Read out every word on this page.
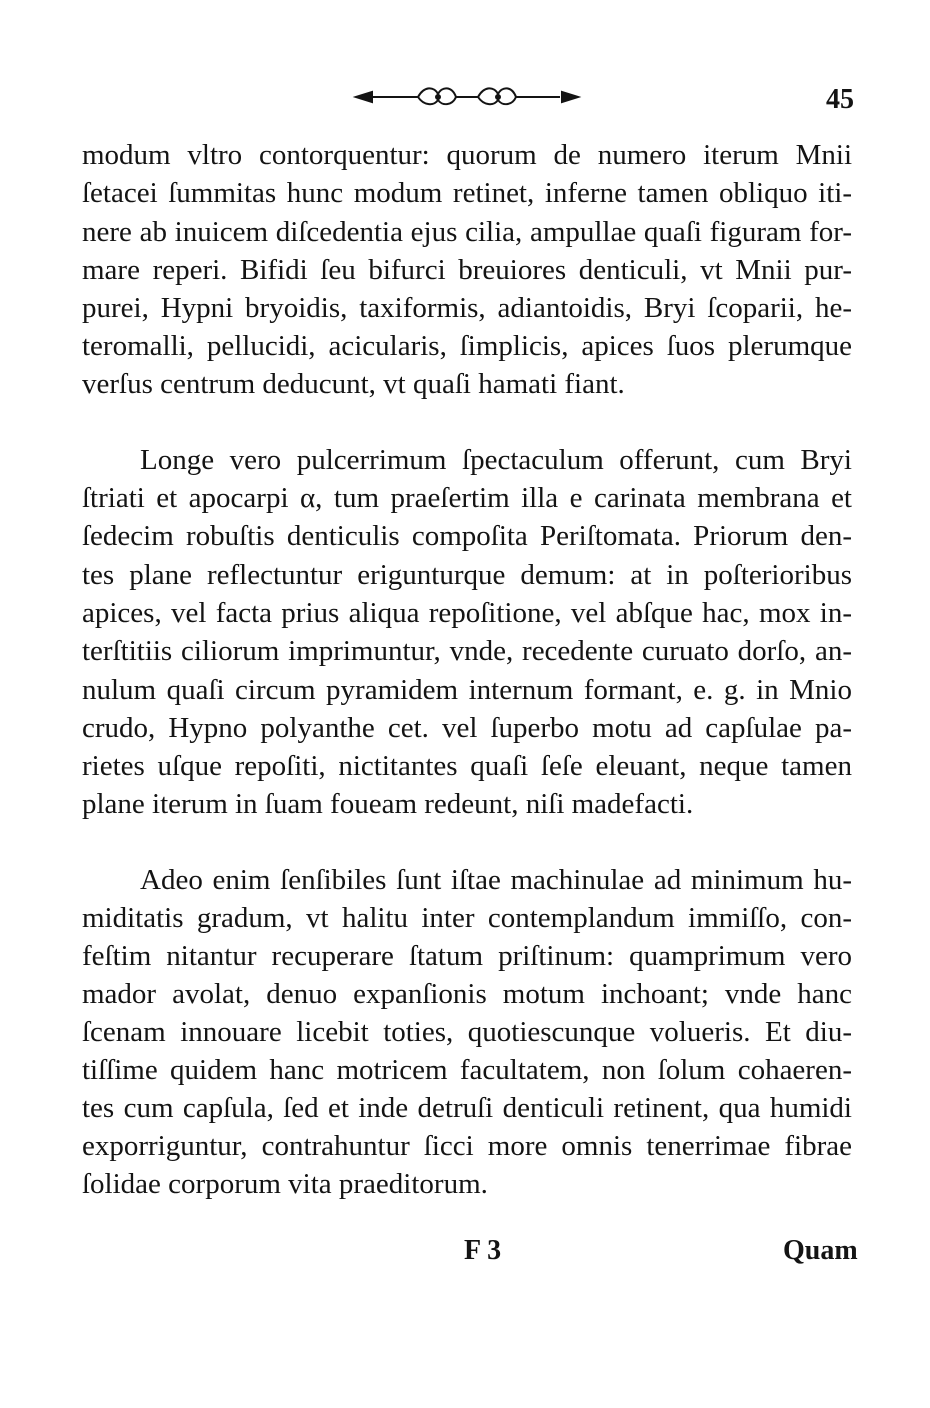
45
modum vltro contorquentur: quorum de numero iterum Mnii
ſetacei ſummitas hunc modum retinet, inferne tamen obliquo iti-
nere ab inuicem diſcedentia ejus cilia, ampullae quaſi figuram for-
mare reperi. Bifidi ſeu bifurci breuiores denticuli, vt Mnii pur-
purei, Hypni bryoidis, taxiformis, adiantoidis, Bryi ſcoparii, he-
teromalli, pellucidi, acicularis, ſimplicis, apices ſuos plerumque
verſus centrum deducunt, vt quaſi hamati fiant.
Longe vero pulcerrimum ſpectaculum offerunt, cum Bryi
ſtriati et apocarpi α, tum praeſertim illa e carinata membrana et
ſedecim robuſtis denticulis compoſita Periſtomata. Priorum den-
tes plane reflectuntur erigunturque demum: at in poſterioribus
apices, vel facta prius aliqua repoſitione, vel abſque hac, mox in-
terſtitiis ciliorum imprimuntur, vnde, recedente curuato dorſo, an-
nulum quaſi circum pyramidem internum formant, e. g. in Mnio
crudo, Hypno polyanthe cet. vel ſuperbo motu ad capſulae pa-
rietes uſque repoſiti, nictitantes quaſi ſeſe eleuant, neque tamen
plane iterum in ſuam foueam redeunt, niſi madefacti.
Adeo enim ſenſibiles ſunt iſtae machinulae ad minimum hu-
miditatis gradum, vt halitu inter contemplandum immiſſo, con-
feſtim nitantur recuperare ſtatum priſtinum: quamprimum vero
mador avolat, denuo expanſionis motum inchoant; vnde hanc
ſcenam innouare licebit toties, quotiescunque volueris. Et diu-
tiſſime quidem hanc motricem facultatem, non ſolum cohaeren-
tes cum capſula, ſed et inde detruſi denticuli retinent, qua humidi
exporriguntur, contrahuntur ſicci more omnis tenerrimae fibrae
ſolidae corporum vita praeditorum.
F 3	Quam
